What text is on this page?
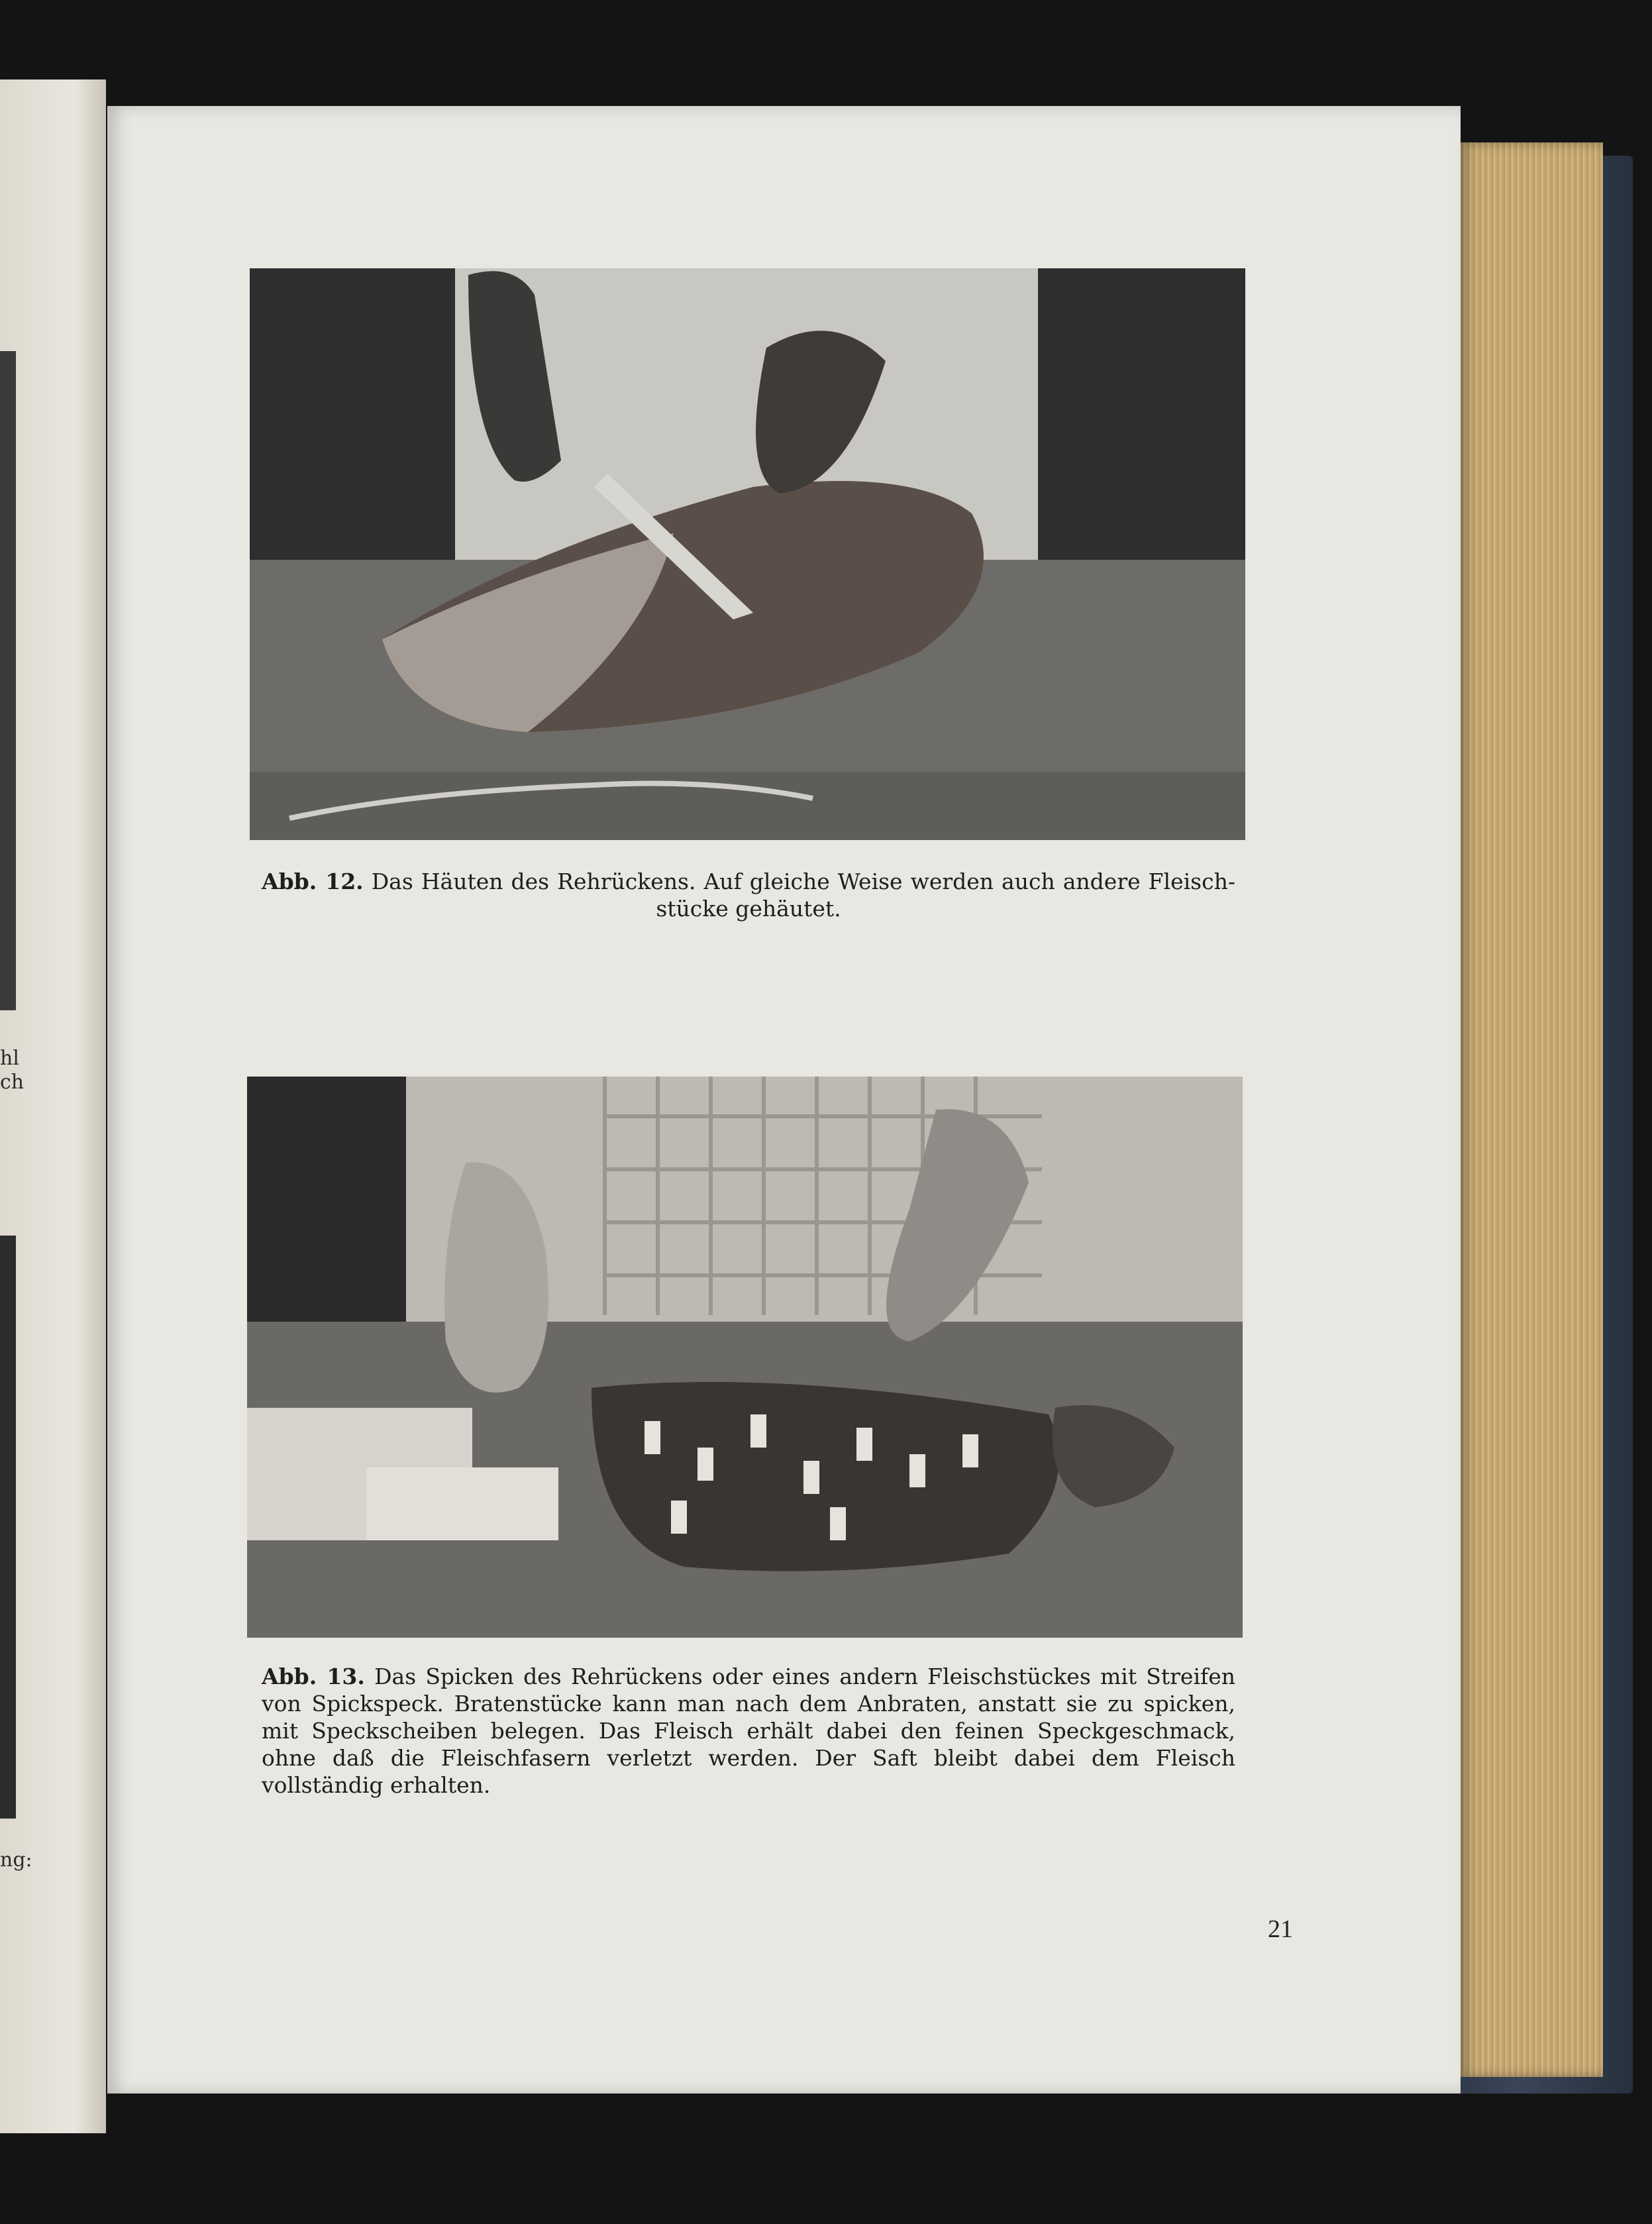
hl
ch
ng:

Abb. 12. Das Häuten des Rehrückens. Auf gleiche Weise werden auch andere Fleisch-stücke gehäutet.

Abb. 13. Das Spicken des Rehrückens oder eines andern Fleischstückes mit Streifen von Spickspeck. Bratenstücke kann man nach dem Anbraten, anstatt sie zu spicken, mit Speckscheiben belegen. Das Fleisch erhält dabei den feinen Speckgeschmack, ohne daß die Fleischfasern verletzt werden. Der Saft bleibt dabei dem Fleisch vollständig erhalten.

21
